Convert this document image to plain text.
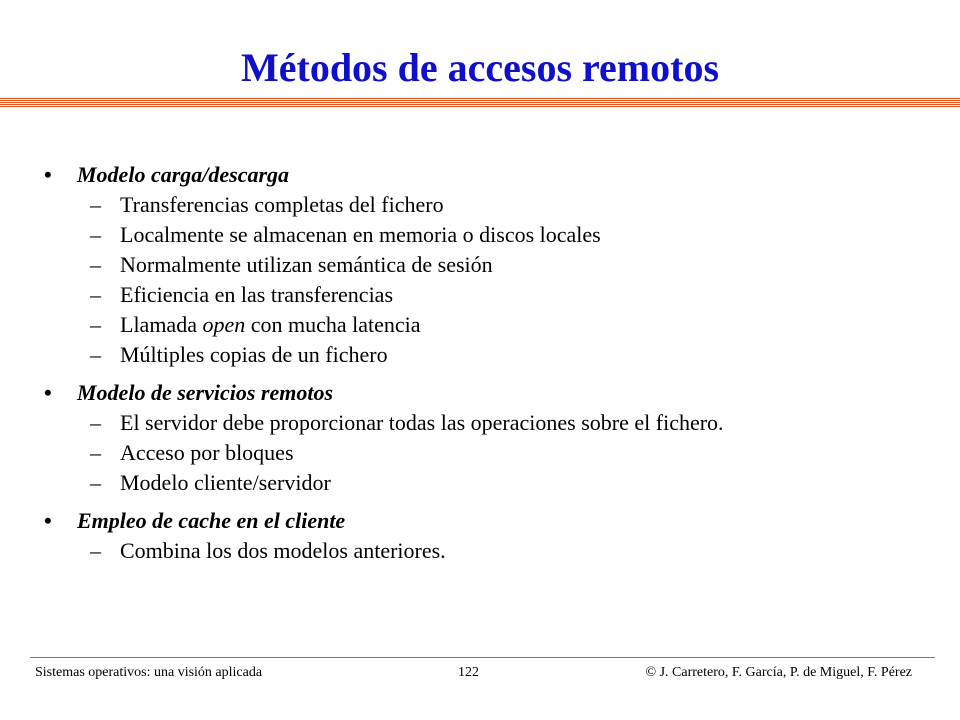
Métodos de accesos remotos
• Modelo carga/descarga
– Transferencias completas del fichero
– Localmente se almacenan en memoria o discos locales
– Normalmente utilizan semántica de sesión
– Eficiencia en las transferencias
– Llamada open con mucha latencia
– Múltiples copias de un fichero
• Modelo de servicios remotos
– El servidor debe proporcionar todas las operaciones sobre el fichero.
– Acceso por bloques
– Modelo cliente/servidor
• Empleo de cache en el cliente
– Combina los dos modelos anteriores.
Sistemas operativos: una visión aplicada	122	© J. Carretero, F. García, P. de Miguel, F. Pérez
